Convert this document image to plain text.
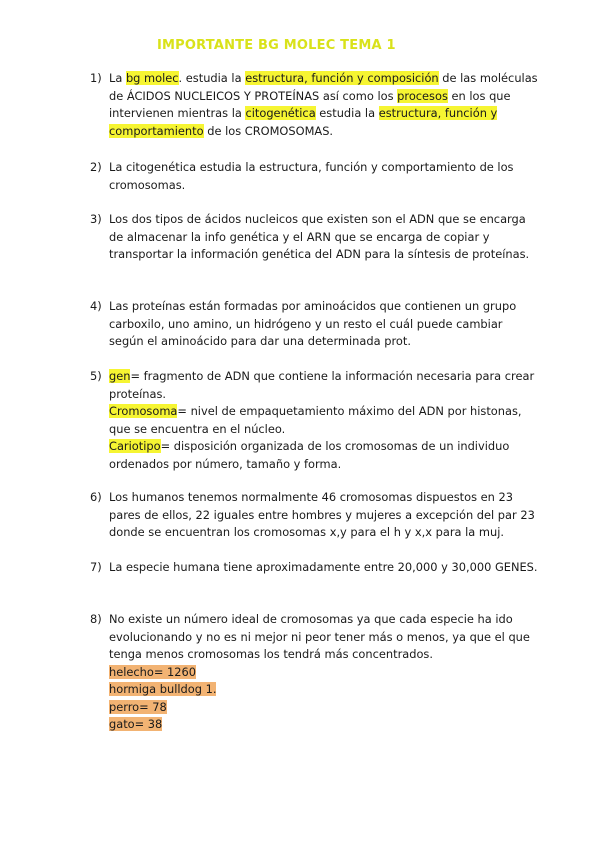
IMPORTANTE BG MOLEC TEMA 1
1) La bg molec. estudia la estructura, función y composición de las moléculas de ÁCIDOS NUCLEICOS Y PROTEÍNAS así como los procesos en los que intervienen mientras la citogenética estudia la estructura, función y comportamiento de los CROMOSOMAS.
2) La citogenética estudia la estructura, función y comportamiento de los cromosomas.
3) Los dos tipos de ácidos nucleicos que existen son el ADN que se encarga de almacenar la info genética y el ARN que se encarga de copiar y transportar la información genética del ADN para la síntesis de proteínas.
4) Las proteínas están formadas por aminoácidos que contienen un grupo carboxilo, uno amino, un hidrógeno y un resto el cuál puede cambiar según el aminoácido para dar una determinada prot.
5) gen= fragmento de ADN que contiene la información necesaria para crear proteínas.

Cromosoma= nivel de empaquetamiento máximo del ADN por histonas, que se encuentra en el núcleo.

Cariotipo= disposición organizada de los cromosomas de un individuo ordenados por número, tamaño y forma.

6) Los humanos tenemos normalmente 46 cromosomas dispuestos en 23 pares de ellos, 22 iguales entre hombres y mujeres a excepción del par 23 donde se encuentran los cromosomas x,y para el h y x,x para la muj.
7) La especie humana tiene aproximadamente entre 20,000 y 30,000 GENES.
8) No existe un número ideal de cromosomas ya que cada especie ha ido evolucionando y no es ni mejor ni peor tener más o menos, ya que el que tenga menos cromosomas los tendrá más concentrados.

helecho= 1260

hormiga bulldog 1.

perro= 78

gato= 38
